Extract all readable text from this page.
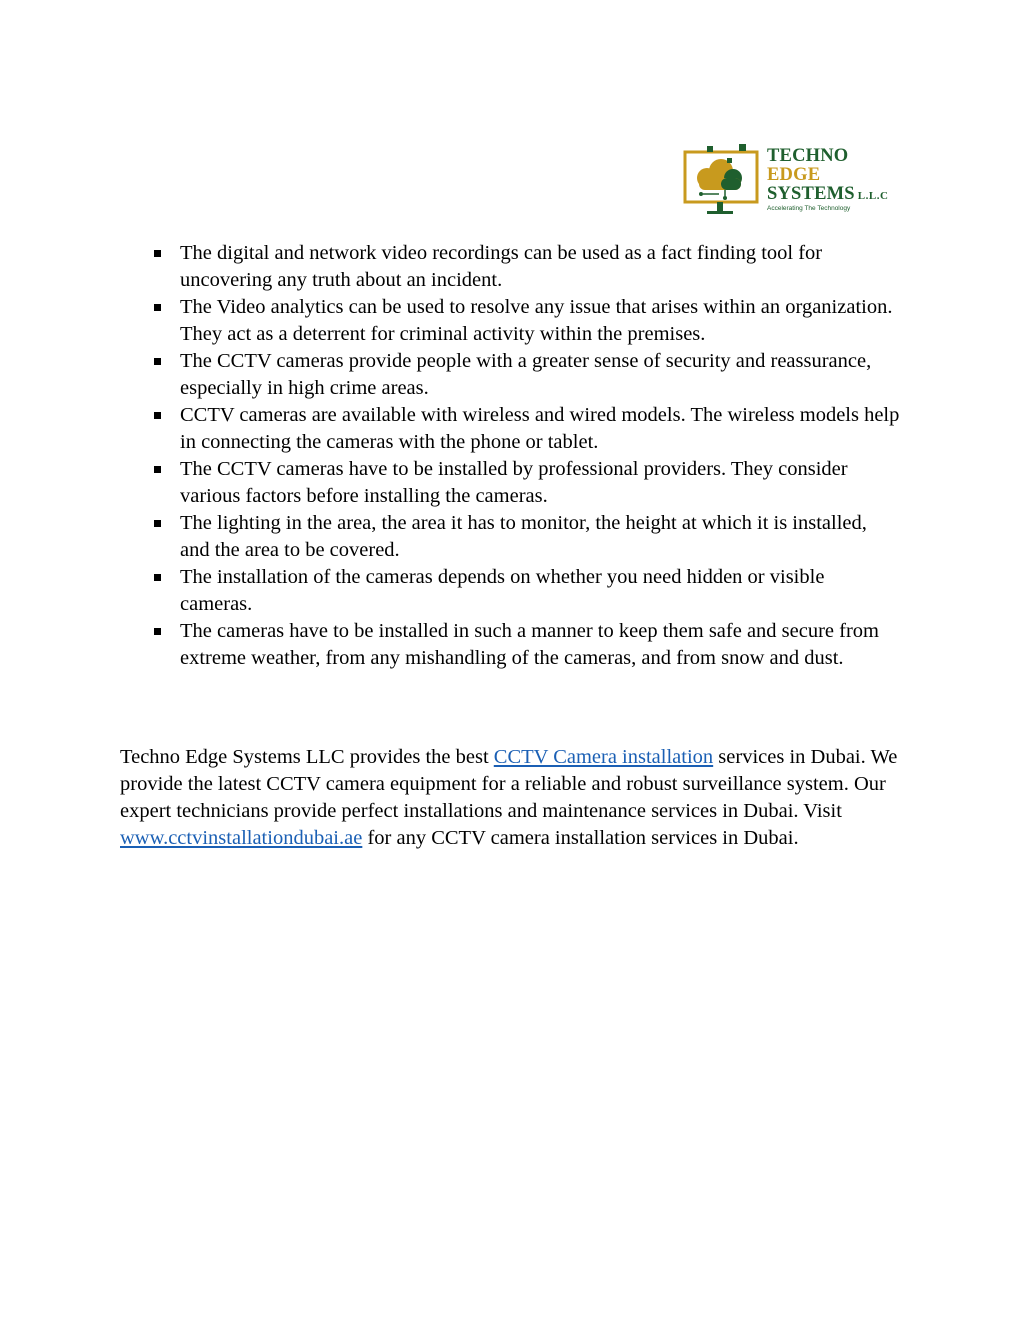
TECHNO
EDGE
SYSTEMS L.L.C
Accelerating The Technology
The digital and network video recordings can be used as a fact finding tool for uncovering any truth about an incident.
The Video analytics can be used to resolve any issue that arises within an organization. They act as a deterrent for criminal activity within the premises.
The CCTV cameras provide people with a greater sense of security and reassurance, especially in high crime areas.
CCTV cameras are available with wireless and wired models. The wireless models help in connecting the cameras with the phone or tablet.
The CCTV cameras have to be installed by professional providers. They consider various factors before installing the cameras.
The lighting in the area, the area it has to monitor, the height at which it is installed, and the area to be covered.
The installation of the cameras depends on whether you need hidden or visible cameras.
The cameras have to be installed in such a manner to keep them safe and secure from extreme weather, from any mishandling of the cameras, and from snow and dust.

Techno Edge Systems LLC provides the best CCTV Camera installation services in Dubai. We provide the latest CCTV camera equipment for a reliable and robust surveillance system. Our expert technicians provide perfect installations and maintenance services in Dubai. Visit www.cctvinstallationdubai.ae for any CCTV camera installation services in Dubai.
